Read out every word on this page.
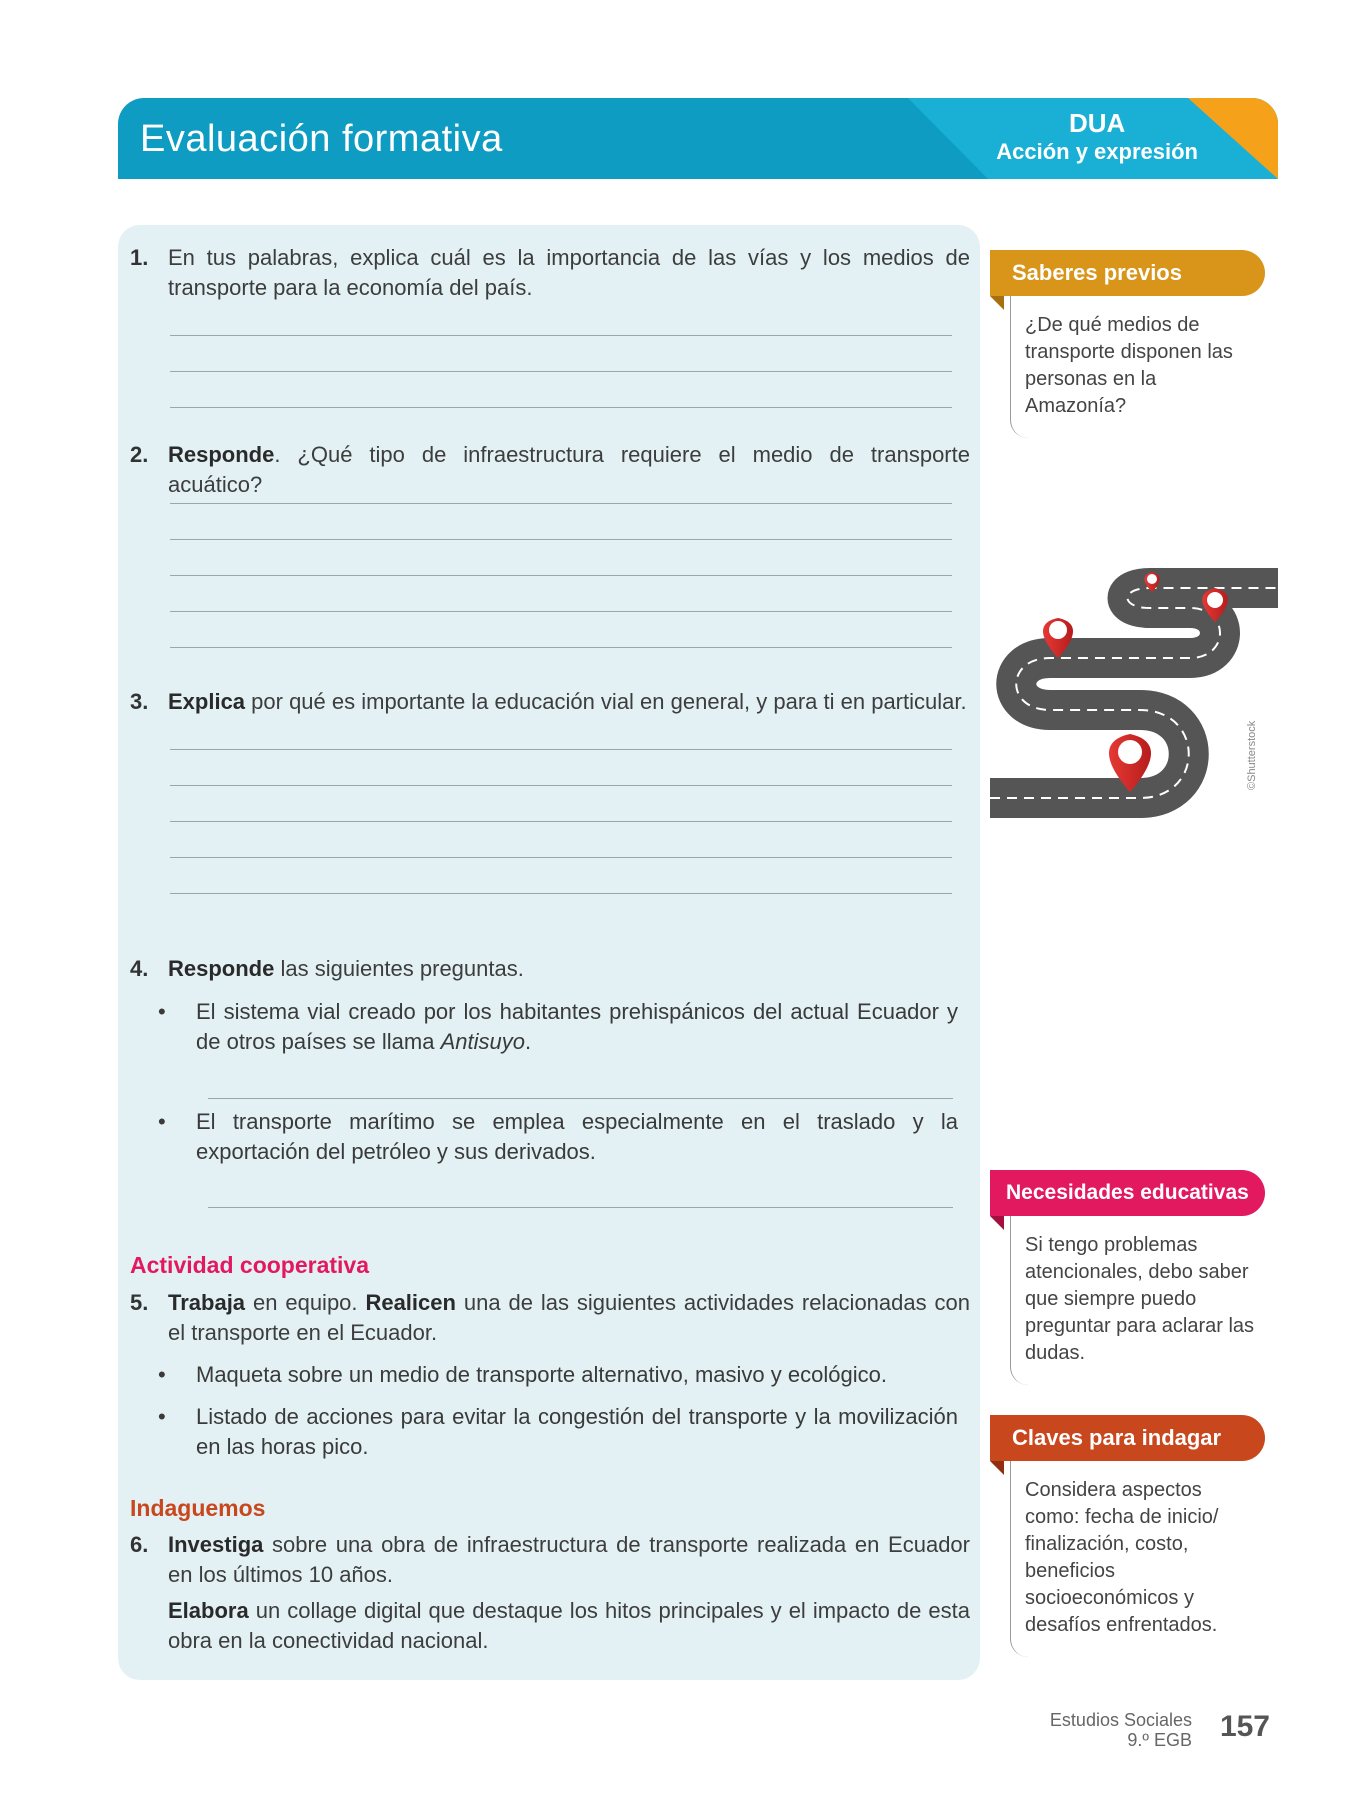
Evaluación formativa	DUA
Acción y expresión
1. En tus palabras, explica cuál es la importancia de las vías y los medios de transporte para la economía del país.
2. Responde. ¿Qué tipo de infraestructura requiere el medio de transporte acuático?
3. Explica por qué es importante la educación vial en general, y para ti en particular.
4. Responde las siguientes preguntas.
• El sistema vial creado por los habitantes prehispánicos del actual Ecuador y de otros países se llama Antisuyo.
• El transporte marítimo se emplea especialmente en el traslado y la exportación del petróleo y sus derivados.
Actividad cooperativa
5. Trabaja en equipo. Realicen una de las siguientes actividades relacionadas con el transporte en el Ecuador.
• Maqueta sobre un medio de transporte alternativo, masivo y ecológico.
• Listado de acciones para evitar la congestión del transporte y la movilización en las horas pico.
Indaguemos
6. Investiga sobre una obra de infraestructura de transporte realizada en Ecuador en los últimos 10 años.
Elabora un collage digital que destaque los hitos principales y el impacto de esta obra en la conectividad nacional.
Saberes previos
¿De qué medios de transporte disponen las personas en la Amazonía?
©Shutterstock
Necesidades educativas
Si tengo problemas atencionales, debo saber que siempre puedo preguntar para aclarar las dudas.
Claves para indagar
Considera aspectos como: fecha de inicio/ finalización, costo, beneficios socioeconómicos y desafíos enfrentados.
Estudios Sociales
9.º EGB 157
